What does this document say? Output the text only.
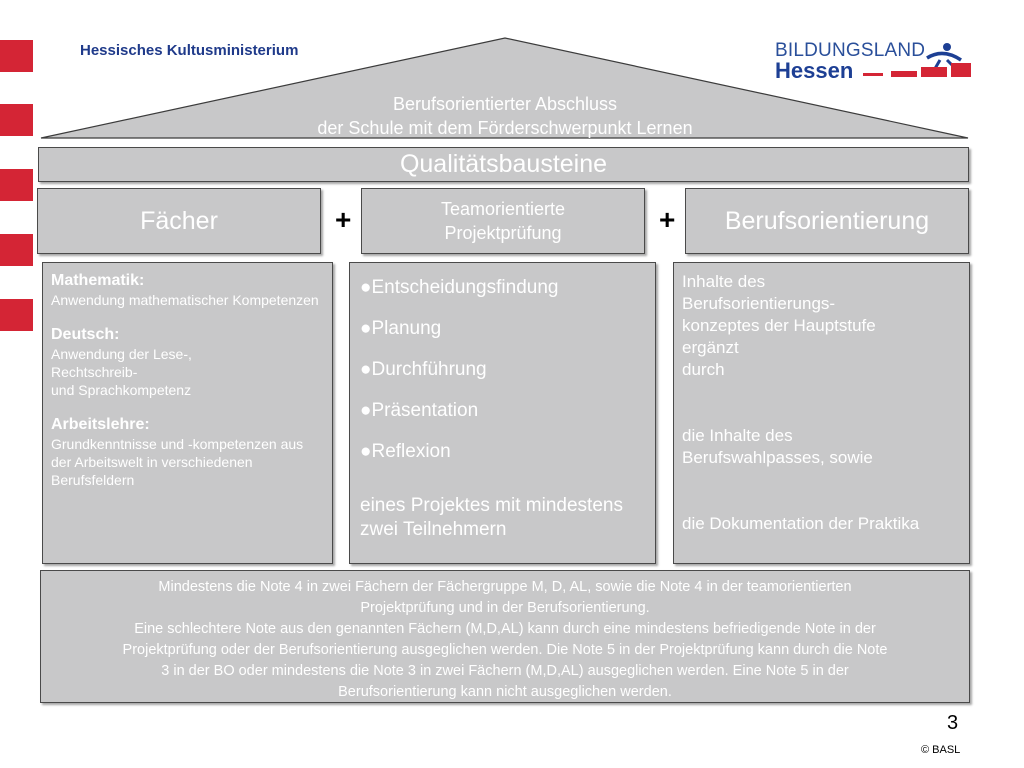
Hessisches Kultusministerium	BILDUNGSLAND
Hessen
Berufsorientierter Abschluss
der Schule mit dem Förderschwerpunkt Lernen
Qualitätsbausteine
Fächer	+	Teamorientierte
Projektprüfung	+	Berufsorientierung
Mathematik:
Anwendung mathematischer Kompetenzen
Deutsch:
Anwendung der Lese-,
Rechtschreib-
und Sprachkompetenz
Arbeitslehre:
Grundkenntnisse und -kompetenzen aus der Arbeitswelt in verschiedenen Berufsfeldern
●Entscheidungsfindung
●Planung
●Durchführung
●Präsentation
●Reflexion
eines Projektes mit mindestens zwei Teilnehmern
Inhalte des
Berufsorientierungs-
konzeptes der Hauptstufe
ergänzt
durch
die Inhalte des
Berufswahlpasses, sowie
die Dokumentation der Praktika
Mindestens die Note 4 in zwei Fächern der Fächergruppe M, D, AL, sowie die Note 4 in der teamorientierten
Projektprüfung und in der Berufsorientierung.
Eine schlechtere Note aus den genannten Fächern (M,D,AL) kann durch eine mindestens befriedigende Note in der
Projektprüfung oder der Berufsorientierung ausgeglichen werden. Die Note 5 in der Projektprüfung kann durch die Note
3 in der BO oder mindestens die Note 3 in zwei Fächern (M,D,AL) ausgeglichen werden. Eine Note 5 in der
Berufsorientierung kann nicht ausgeglichen werden.
3
© BASL
